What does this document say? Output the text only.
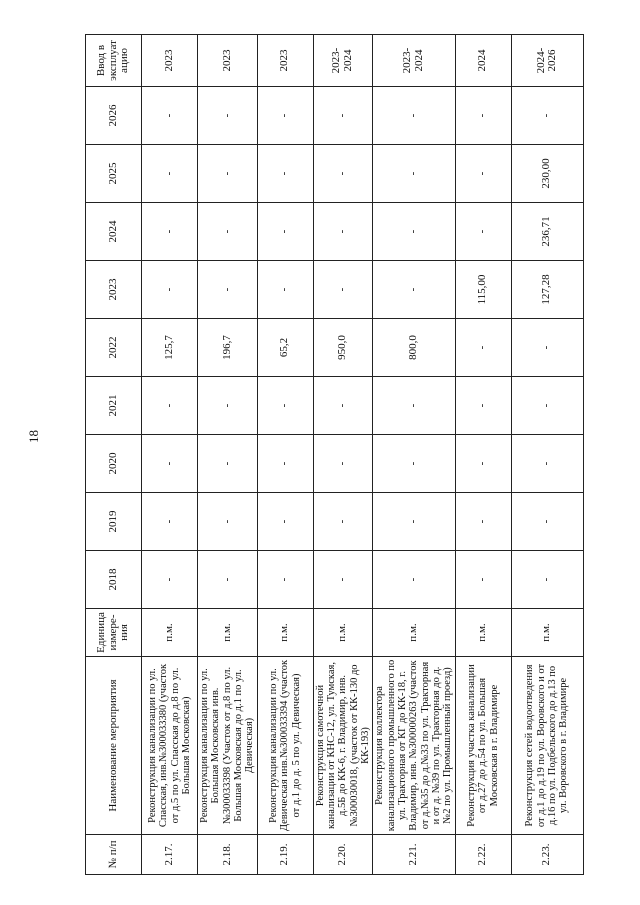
18
№ п/п	Наименование мероприятия	Единица измере-ния	2018	2019	2020	2021	2022	2023	2024	2025	2026	Ввод в эксплуат ацию
2.17.	Реконструкция канализации по ул. Спасская, инв.№300033380 (участок от д.5 по ул. Спасская до д.8 по ул. Большая Московская)	п.м.	-	-	-	-	125,7	-	-	-	-	2023
2.18.	Реконструкция канализации по ул. Большая Московская инв.№300033398 (Участок от д.8 по ул. Большая Московская до д.1 по ул. Девическая)	п.м.	-	-	-	-	196,7	-	-	-	-	2023
2.19.	Реконструкция канализации по ул. Девическая инв.№300033394 (участок от д.1 до д. 5 по ул. Девическая)	п.м.	-	-	-	-	65,2	-	-	-	-	2023
2.20.	Реконструкция самотечной канализации от КНС-12, ул. Тумская, д.5Б до КК-6, г. Владимир, инв. №300030018, (участок от КК-130 до КК-193)	п.м.	-	-	-	-	950,0	-	-	-	-	2023-2024
2.21.	Реконструкция коллектора канализационного промышленного по ул. Тракторная от КГ до КК-18, г. Владимир, инв. №300000263 (участок от д.№35 до д.№33 по ул. Тракторная и от д. №39 по ул. Тракторная до д. №2 по ул. Промышленный проезд)	п.м.	-	-	-	-	800,0	-	-	-	-	2023-2024
2.22.	Реконструкция участка канализации от д.27 до д.54 по ул. Большая Московская в г. Владимире	п.м.	-	-	-	-	-	115,00	-	-	-	2024
2.23.	Реконструкция сетей водоотведения от д.1 до д.19 по ул. Воровского и от д.16 по ул. Подбельского до д.13 по ул. Воровского в г. Владимире	п.м.	-	-	-	-	-	127,28	236,71	230,00	-	2024-2026
